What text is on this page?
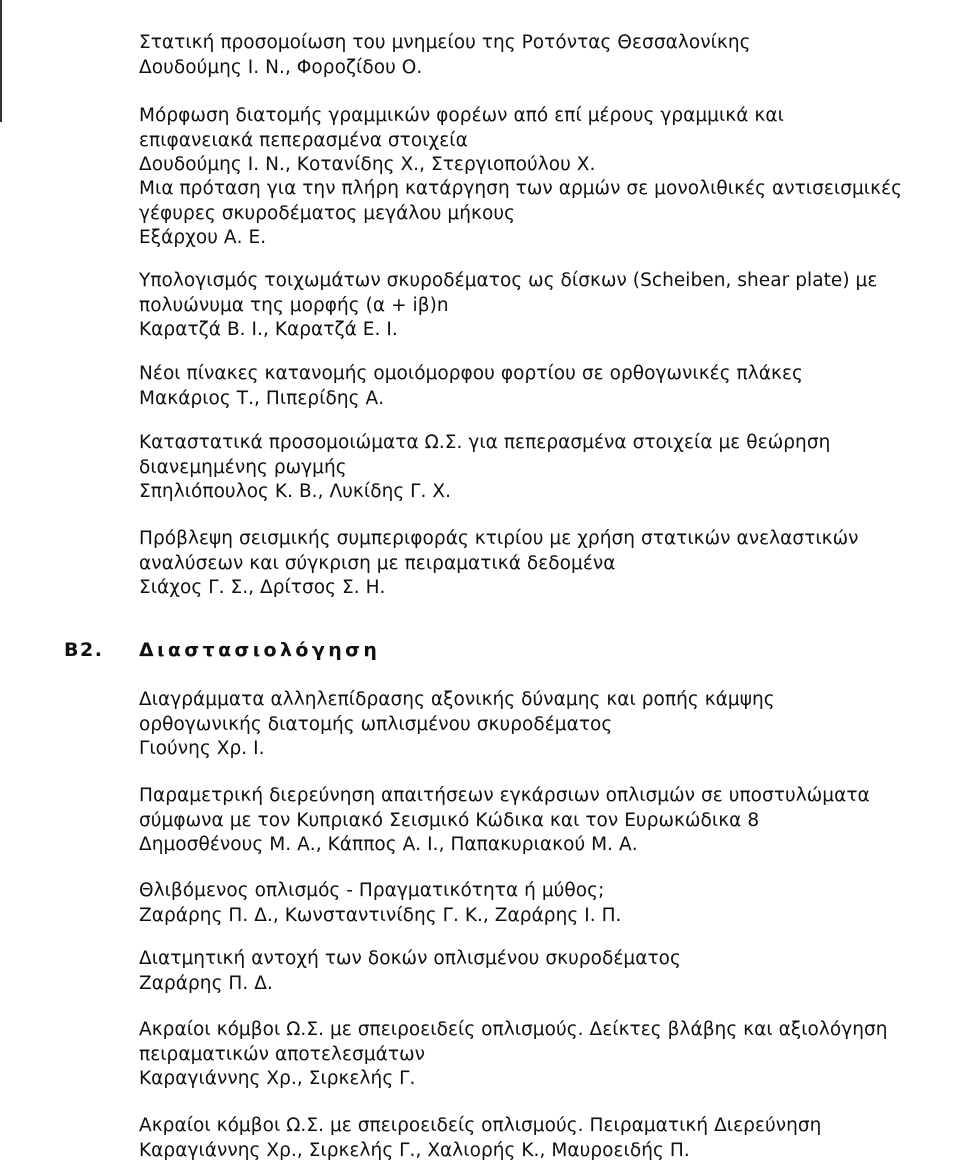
Στατική προσομοίωση του μνημείου της Ροτόντας Θεσσαλονίκης
Δουδούμης Ι. Ν., Φοροζίδου Ο.
Μόρφωση διατομής γραμμικών φορέων από επί μέρους γραμμικά και
επιφανειακά πεπερασμένα στοιχεία
Δουδούμης Ι. Ν., Κοτανίδης Χ., Στεργιοπούλου Χ.
Μια πρόταση για την πλήρη κατάργηση των αρμών σε μονολιθικές αντισεισμικές
γέφυρες σκυροδέματος μεγάλου μήκους
Εξάρχου Α. Ε.
Υπολογισμός τοιχωμάτων σκυροδέματος ως δίσκων (Scheiben, shear plate) με
πολυώνυμα της μορφής (α + iβ)n
Καρατζά Β. Ι., Καρατζά Ε. Ι.
Νέοι πίνακες κατανομής ομοιόμορφου φορτίου σε ορθογωνικές πλάκες
Μακάριος Τ., Πιπερίδης Α.
Καταστατικά προσομοιώματα Ω.Σ. για πεπερασμένα στοιχεία με θεώρηση
διανεμημένης ρωγμής
Σπηλιόπουλος Κ. Β., Λυκίδης Γ. Χ.
Πρόβλεψη σεισμικής συμπεριφοράς κτιρίου με χρήση στατικών ανελαστικών
αναλύσεων και σύγκριση με πειραματικά δεδομένα
Σιάχος Γ. Σ., Δρίτσος Σ. Η.
Β2. Διαστασιολόγηση
Διαγράμματα αλληλεπίδρασης αξονικής δύναμης και ροπής κάμψης
ορθογωνικής διατομής ωπλισμένου σκυροδέματος
Γιούνης Χρ. Ι.
Παραμετρική διερεύνηση απαιτήσεων εγκάρσιων οπλισμών σε υποστυλώματα
σύμφωνα με τον Κυπριακό Σεισμικό Κώδικα και τον Ευρωκώδικα 8
Δημοσθένους Μ. Α., Κάππος Α. Ι., Παπακυριακού Μ. Α.
Θλιβόμενος οπλισμός - Πραγματικότητα ή μύθος;
Ζαράρης Π. Δ., Κωνσταντινίδης Γ. Κ., Ζαράρης Ι. Π.
Διατμητική αντοχή των δοκών οπλισμένου σκυροδέματος
Ζαράρης Π. Δ.
Ακραίοι κόμβοι Ω.Σ. με σπειροειδείς οπλισμούς. Δείκτες βλάβης και αξιολόγηση
πειραματικών αποτελεσμάτων
Καραγιάννης Χρ., Σιρκελής Γ.
Ακραίοι κόμβοι Ω.Σ. με σπειροειδείς οπλισμούς. Πειραματική Διερεύνηση
Καραγιάννης Χρ., Σιρκελής Γ., Χαλιορής Κ., Μαυροειδής Π.
